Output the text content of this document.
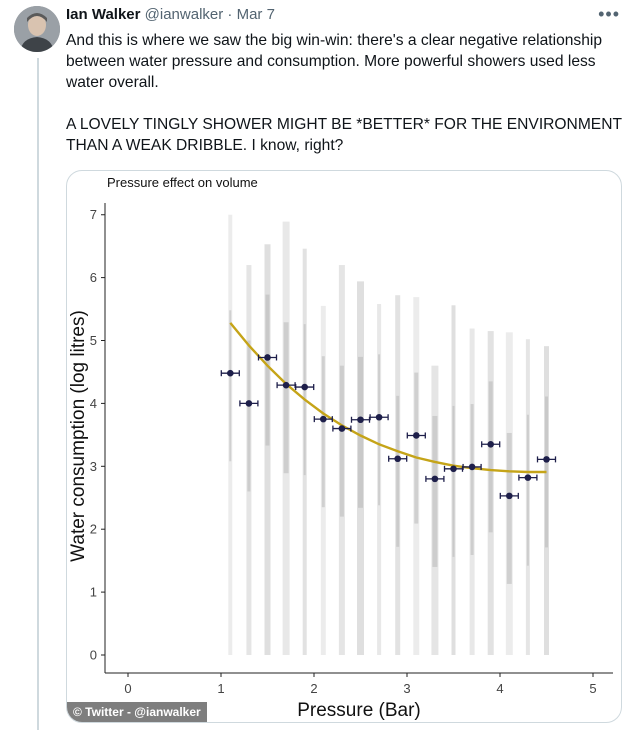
Ian Walker @ianwalker · Mar 7	•••

And this is where we saw the big win-win: there's a clear negative relationship between water pressure and consumption. More powerful showers used less water overall.

A LOVELY TINGLY SHOWER MIGHT BE *BETTER* FOR THE ENVIRONMENT THAN A WEAK DRIBBLE. I know, right?

0	1	2	3	4	5
0
1
2
3
4
5
6
7
Pressure effect on volume
Pressure (Bar)
Water consumption (log litres)
© Twitter - @ianwalker
